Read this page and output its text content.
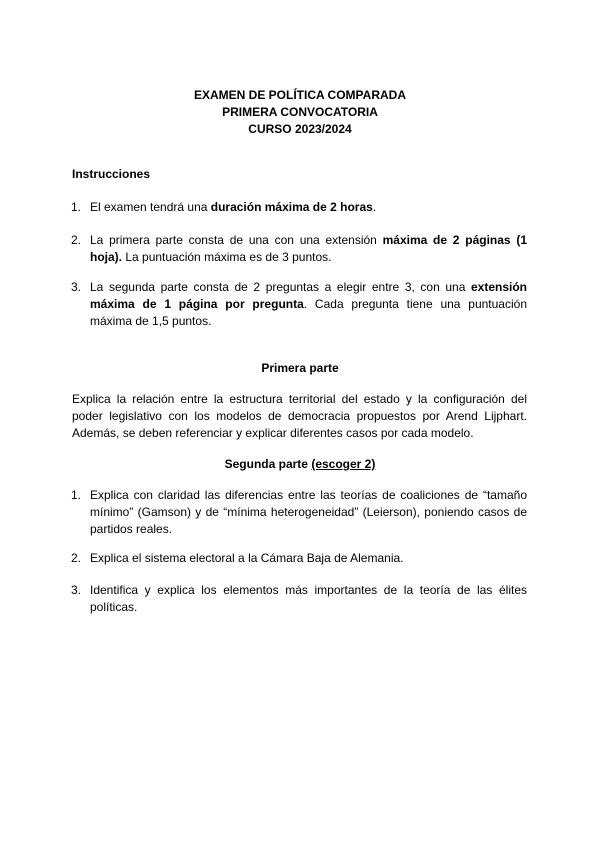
EXAMEN DE POLÍTICA COMPARADA
PRIMERA CONVOCATORIA
CURSO 2023/2024
Instrucciones
1. El examen tendrá una duración máxima de 2 horas.
2. La primera parte consta de una con una extensión máxima de 2 páginas (1 hoja). La puntuación máxima es de 3 puntos.
3. La segunda parte consta de 2 preguntas a elegir entre 3, con una extensión máxima de 1 página por pregunta. Cada pregunta tiene una puntuación máxima de 1,5 puntos.
Primera parte
Explica la relación entre la estructura territorial del estado y la configuración del poder legislativo con los modelos de democracia propuestos por Arend Lijphart. Además, se deben referenciar y explicar diferentes casos por cada modelo.
Segunda parte (escoger 2)
1. Explica con claridad las diferencias entre las teorías de coaliciones de “tamaño mínimo” (Gamson) y de “mínima heterogeneidad” (Leierson), poniendo casos de partidos reales.
2. Explica el sistema electoral a la Cámara Baja de Alemania.
3. Identifica y explica los elementos más importantes de la teoría de las élites políticas.
